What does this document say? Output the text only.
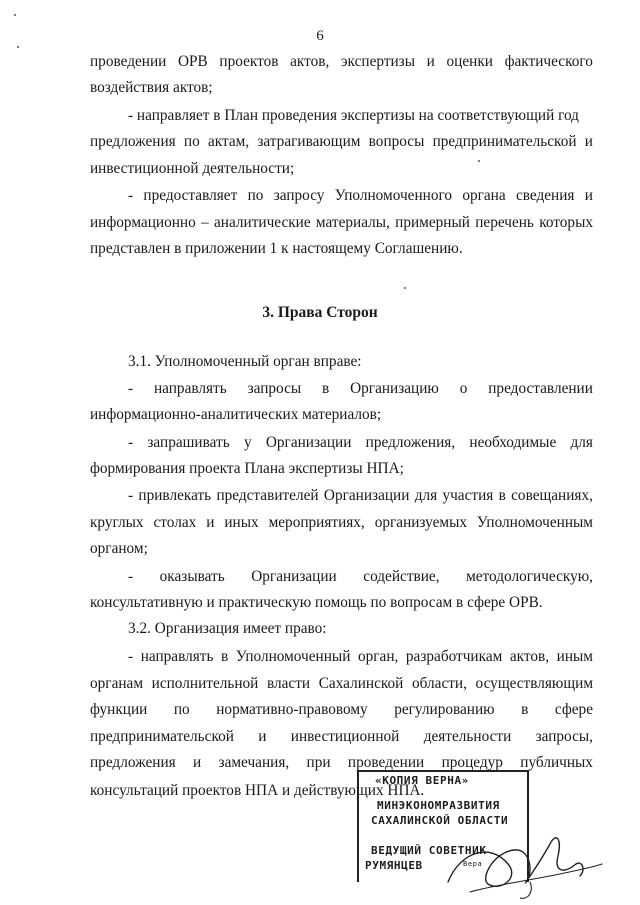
6
проведении ОРВ проектов актов, экспертизы и оценки фактического
воздействия актов;
- направляет в План проведения экспертизы на соответствующий год
предложения по актам, затрагивающим вопросы предпринимательской и
инвестиционной деятельности;
- предоставляет по запросу Уполномоченного органа сведения и
информационно – аналитические материалы, примерный перечень которых
представлен в приложении 1 к настоящему Соглашению.
3. Права Сторон
3.1. Уполномоченный орган вправе:
- направлять запросы в Организацию о предоставлении
информационно-аналитических материалов;
- запрашивать у Организации предложения, необходимые для
формирования проекта Плана экспертизы НПА;
- привлекать представителей Организации для участия в совещаниях,
круглых столах и иных мероприятиях, организуемых Уполномоченным
органом;
- оказывать Организации содействие, методологическую,
консультативную и практическую помощь по вопросам в сфере ОРВ.
3.2. Организация имеет право:
- направлять в Уполномоченный орган, разработчикам актов, иным
органам исполнительной власти Сахалинской области, осуществляющим
функции по нормативно-правовому регулированию в сфере
предпринимательской и инвестиционной деятельности запросы,
предложения и замечания, при проведении процедур публичных
консультаций проектов НПА и действующих НПА.
«КОПИЯ ВЕРНА»
МИНЭКОНОМРАЗВИТИЯ
САХАЛИНСКОЙ ОБЛАСТИ
ВЕДУЩИЙ СОВЕТНИК
РУМЯНЦЕВ	Вера
